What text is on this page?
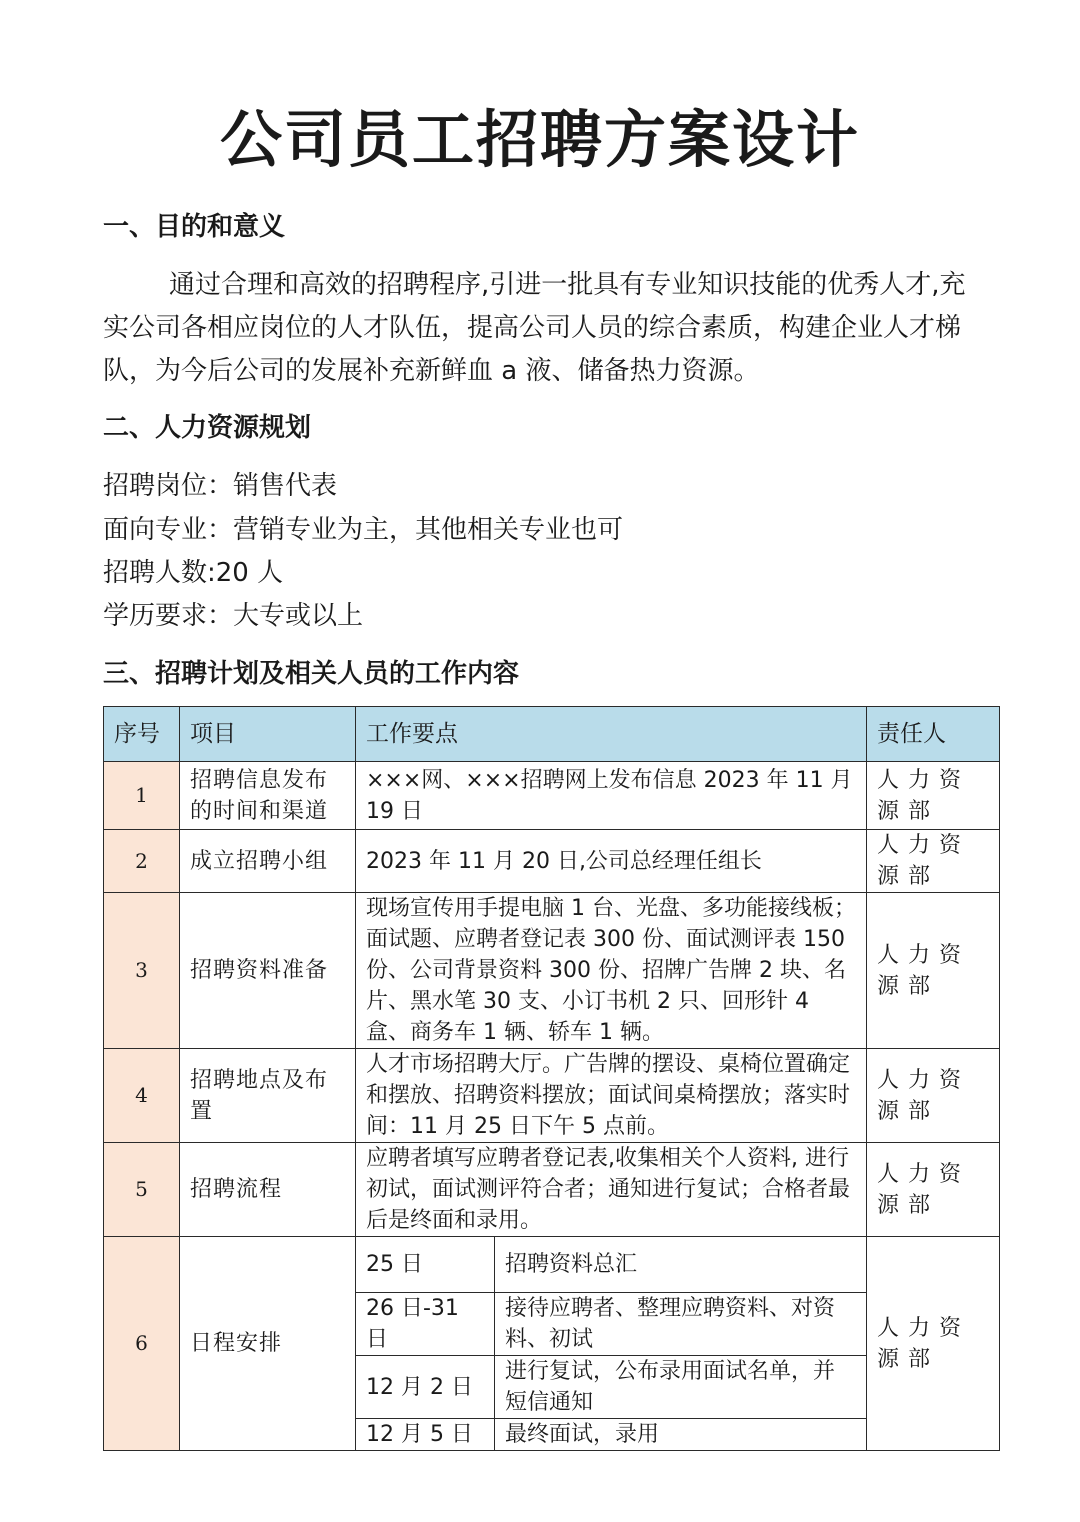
公司员工招聘方案设计
一、目的和意义
通过合理和高效的招聘程序,引进一批具有专业知识技能的优秀人才,充实公司各相应岗位的人才队伍，提高公司人员的综合素质，构建企业人才梯队，为今后公司的发展补充新鲜血 a 液、储备热力资源。
二、人力资源规划
招聘岗位：销售代表
面向专业：营销专业为主，其他相关专业也可
招聘人数:20 人
学历要求：大专或以上
三、招聘计划及相关人员的工作内容
序号	项目	工作要点		责任人
1	招聘信息发布的时间和渠道	×××网、×××招聘网上发布信息 2023 年 11 月 19 日		人力资源部
2	成立招聘小组	2023 年 11 月 20 日,公司总经理任组长		人力资源部
3	招聘资料准备	现场宣传用手提电脑 1 台、光盘、多功能接线板；面试题、应聘者登记表 300 份、面试测评表 150 份、公司背景资料 300 份、招牌广告牌 2 块、名片、黑水笔 30 支、小订书机 2 只、回形针 4 盒、商务车 1 辆、轿车 1 辆。		人力资源部
4	招聘地点及布置	人才市场招聘大厅。广告牌的摆设、桌椅位置确定和摆放、招聘资料摆放；面试间桌椅摆放；落实时间：11 月 25 日下午 5 点前。		人力资源部
5	招聘流程	应聘者填写应聘者登记表,收集相关个人资料, 进行初试，面试测评符合者；通知进行复试；合格者最后是终面和录用。		人力资源部
6	日程安排	25 日	招聘资料总汇	人力资源部
		26 日-31 日	接待应聘者、整理应聘资料、对资料、初试	
		12 月 2 日	进行复试，公布录用面试名单，并短信通知	
		12 月 5 日	最终面试，录用	
